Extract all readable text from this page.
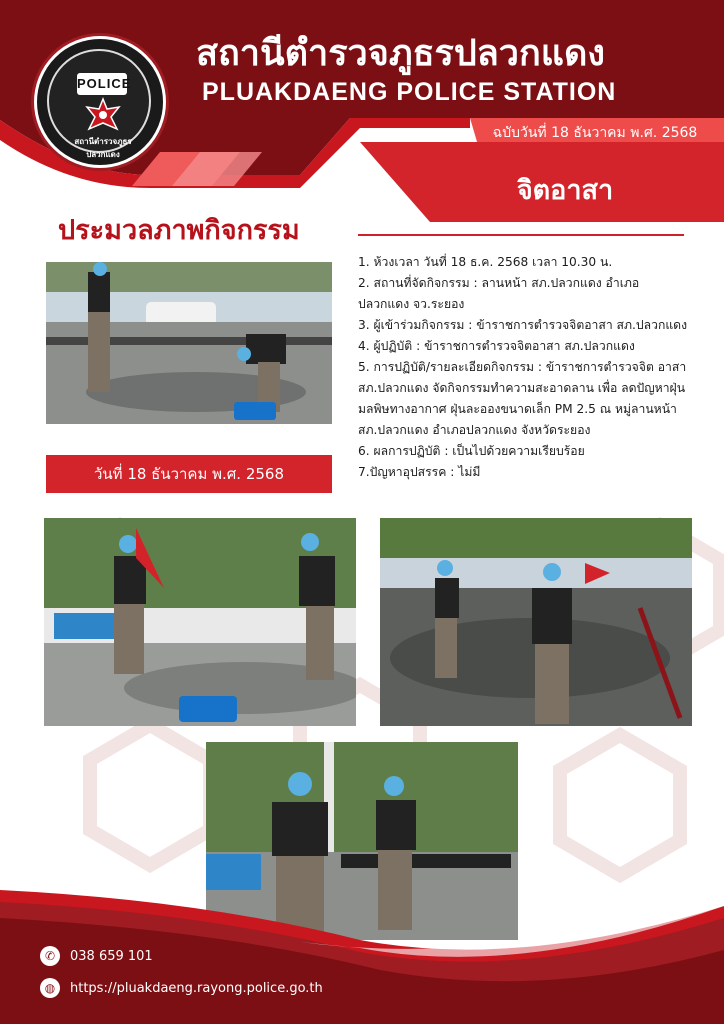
POLICE
สถานีตำรวจภูธรปลวกแดง
สถานีตำรวจภูธรปลวกแดง
PLUAKDAENG POLICE STATION
ฉบับวันที่ 18 ธันวาคม พ.ศ. 2568
จิตอาสา
ประมวลภาพกิจกรรม
วันที่ 18 ธันวาคม พ.ศ. 2568

1. ห้วงเวลา วันที่ 18 ธ.ค. 2568 เวลา 10.30 น.

2. สถานที่จัดกิจกรรม : ลานหน้า สภ.ปลวกแดง อำเภอ ปลวกแดง จว.ระยอง

3. ผู้เข้าร่วมกิจกรรม : ข้าราชการตำรวจจิตอาสา สภ.ปลวกแดง

4. ผู้ปฏิบัติ : ข้าราชการตำรวจจิตอาสา สภ.ปลวกแดง

5. การปฏิบัติ/รายละเอียดกิจกรรม : ข้าราชการตำรวจจิต อาสา สภ.ปลวกแดง จัดกิจกรรมทำความสะอาดลาน เพื่อ ลดปัญหาฝุ่น มลพิษทางอากาศ ฝุ่นละอองขนาดเล็ก PM 2.5 ณ หมู่ลานหน้า สภ.ปลวกแดง อำเภอปลวกแดง จังหวัดระยอง

6. ผลการปฏิบัติ : เป็นไปด้วยความเรียบร้อย

7.ปัญหาอุปสรรค : ไม่มี

✆	038 659 101
◍	https://pluakdaeng.rayong.police.go.th
